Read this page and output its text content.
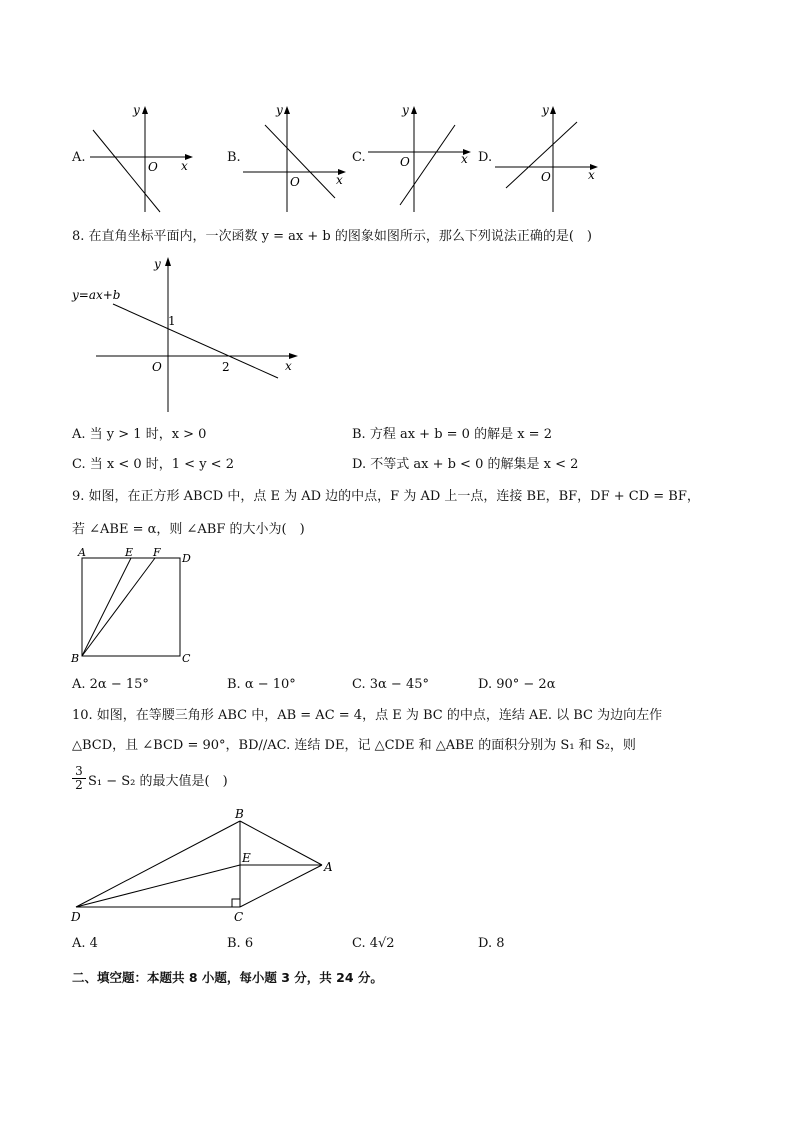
A.
y
x
O
B.
y
x
O
C.
y
x
O	D.
y
x
O
8. 在直角坐标平面内，一次函数 y = ax + b 的图象如图所示，那么下列说法正确的是(　)
y
x
O
1
2
y=ax+b
A. 当 y > 1 时，x > 0	B. 方程 ax + b = 0 的解是 x = 2
C. 当 x < 0 时，1 < y < 2	D. 不等式 ax + b < 0 的解集是 x < 2
9. 如图，在正方形 ABCD 中，点 E 为 AD 边的中点，F 为 AD 上一点，连接 BE，BF，DF + CD = BF，
若 ∠ABE = α，则 ∠ABF 的大小为(　)
A	E F D
B	C
A. 2α − 15°	B. α − 10°	C. 3α − 45°	D. 90° − 2α
10. 如图，在等腰三角形 ABC 中，AB = AC = 4，点 E 为 BC 的中点，连结 AE. 以 BC 为边向左作
△BCD，且 ∠BCD = 90°，BD//AC. 连结 DE，记 △CDE 和 △ABE 的面积分别为 S₁ 和 S₂，则
3
2 S₁ − S₂ 的最大值是(　)
B
E
A
D	C
A. 4	B. 6	C. 4√2	D. 8
二、填空题：本题共 8 小题，每小题 3 分，共 24 分。
